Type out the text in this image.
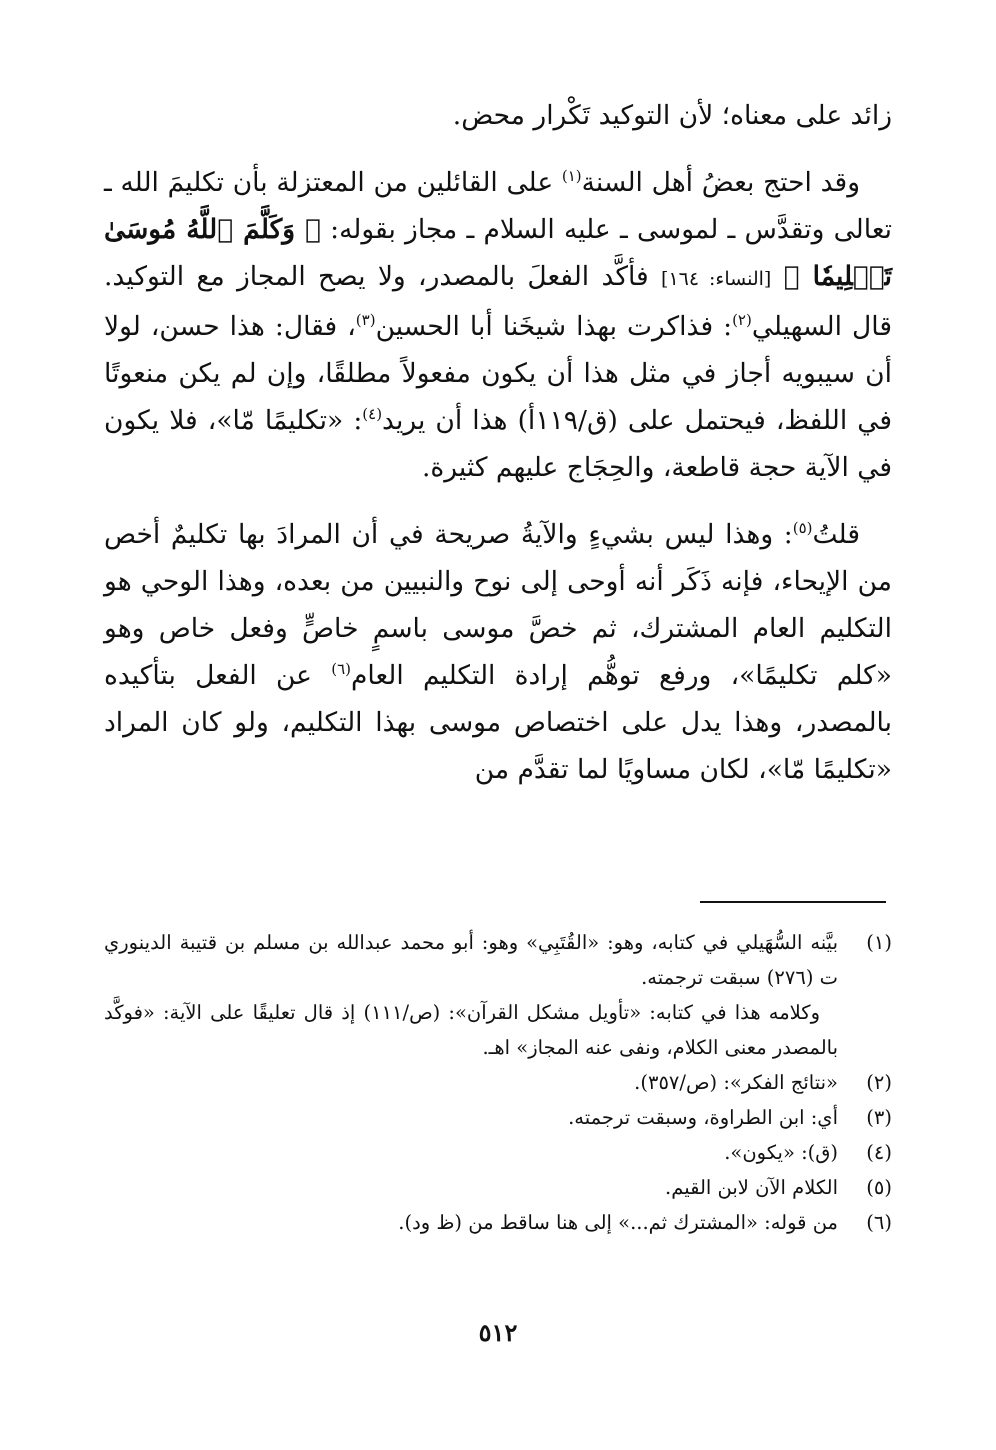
زائد على معناه؛ لأن التوكيد تَكْرار محض.

وقد احتج بعضُ أهل السنة$^{(١)}$ على القائلين من المعتزلة بأن تكليمَ الله ـ تعالى وتقدَّس ـ لموسى ـ عليه السلام ـ مجاز بقوله: ﴿ وَكَلَّمَ ٱللَّهُ مُوسَىٰ تَكۡلِيمٗا ﴾ [النساء: ١٦٤] فأكَّد الفعلَ بالمصدر، ولا يصح المجاز مع التوكيد. قال السهيلي$^{(٢)}$: فذاكرت بهذا شيخَنا أبا الحسين$^{(٣)}$، فقال: هذا حسن، لولا أن سيبويه أجاز في مثل هذا أن يكون مفعولاً مطلقًا، وإن لم يكن منعوتًا في اللفظ، فيحتمل على (ق/١١٩أ) هذا أن يريد$^{(٤)}$: «تكليمًا مّا»، فلا يكون في الآية حجة قاطعة، والحِجَاج عليهم كثيرة.

قلتُ$^{(٥)}$: وهذا ليس بشيءٍ والآيةُ صريحة في أن المرادَ بها تكليمٌ أخص من الإيحاء، فإنه ذَكَر أنه أوحى إلى نوح والنبيين من بعده، وهذا الوحي هو التكليم العام المشترك، ثم خصَّ موسى باسمٍ خاصٍّ وفعل خاص وهو «كلم تكليمًا»، ورفع توهُّم إرادة التكليم العام$^{(٦)}$ عن الفعل بتأكيده بالمصدر، وهذا يدل على اختصاص موسى بهذا التكليم، ولو كان المراد «تكليمًا مّا»، لكان مساويًا لما تقدَّم من

(١)
بيَّنه السُّهَيلي في كتابه، وهو: «القُتَبِي» وهو: أبو محمد عبدالله بن مسلم بن قتيبة الدينوري ت (٢٧٦) سبقت ترجمته.
وكلامه هذا في كتابه: «تأويل مشكل القرآن»: (ص/١١١) إذ قال تعليقًا على الآية: «فوكَّد بالمصدر معنى الكلام، ونفى عنه المجاز» اهـ.
(٢)
«نتائج الفكر»: (ص/٣٥٧).
(٣)
أي: ابن الطراوة، وسبقت ترجمته.
(٤)
(ق): «يكون».
(٥)
الكلام الآن لابن القيم.
(٦)
من قوله: «المشترك ثم...» إلى هنا ساقط من (ظ ود).
٥١٢
